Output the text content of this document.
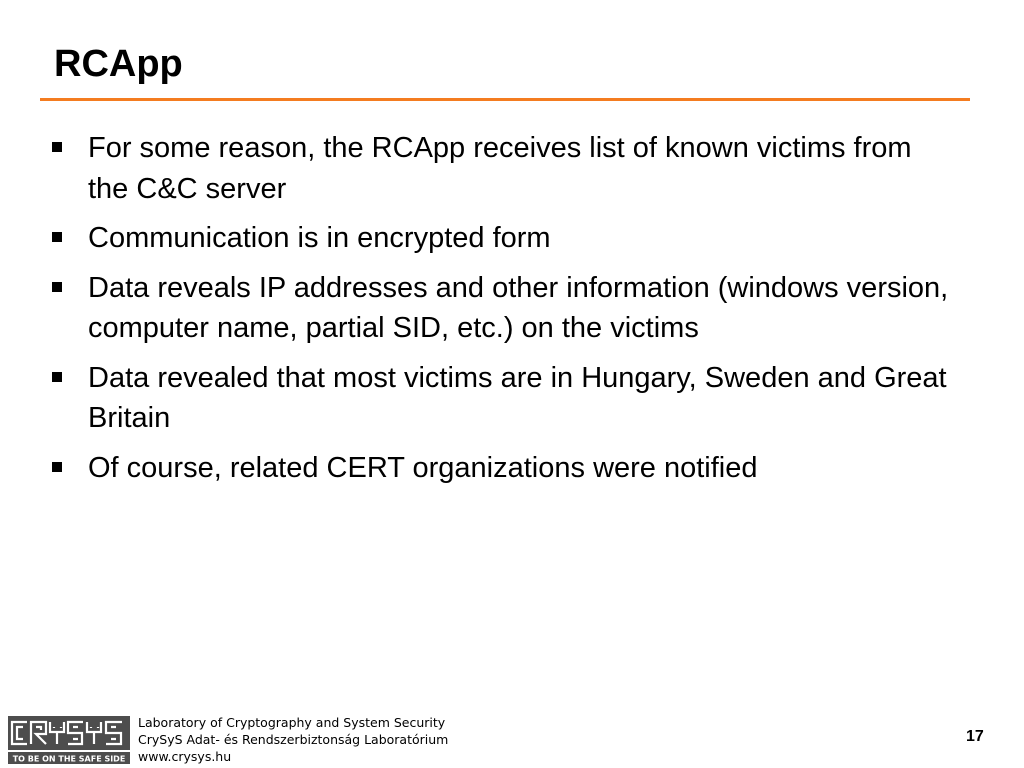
RCApp
For some reason, the RCApp receives list of known victims from the C&C server
Communication is in encrypted form
Data reveals IP addresses and other information (windows version, computer name, partial SID, etc.) on the victims
Data revealed that most victims are in Hungary, Sweden and Great Britain
Of course, related CERT organizations were notified
TO BE ON THE SAFE SIDE
Laboratory of Cryptography and System Security
CrySyS Adat- és Rendszerbiztonság Laboratórium
www.crysys.hu
17
